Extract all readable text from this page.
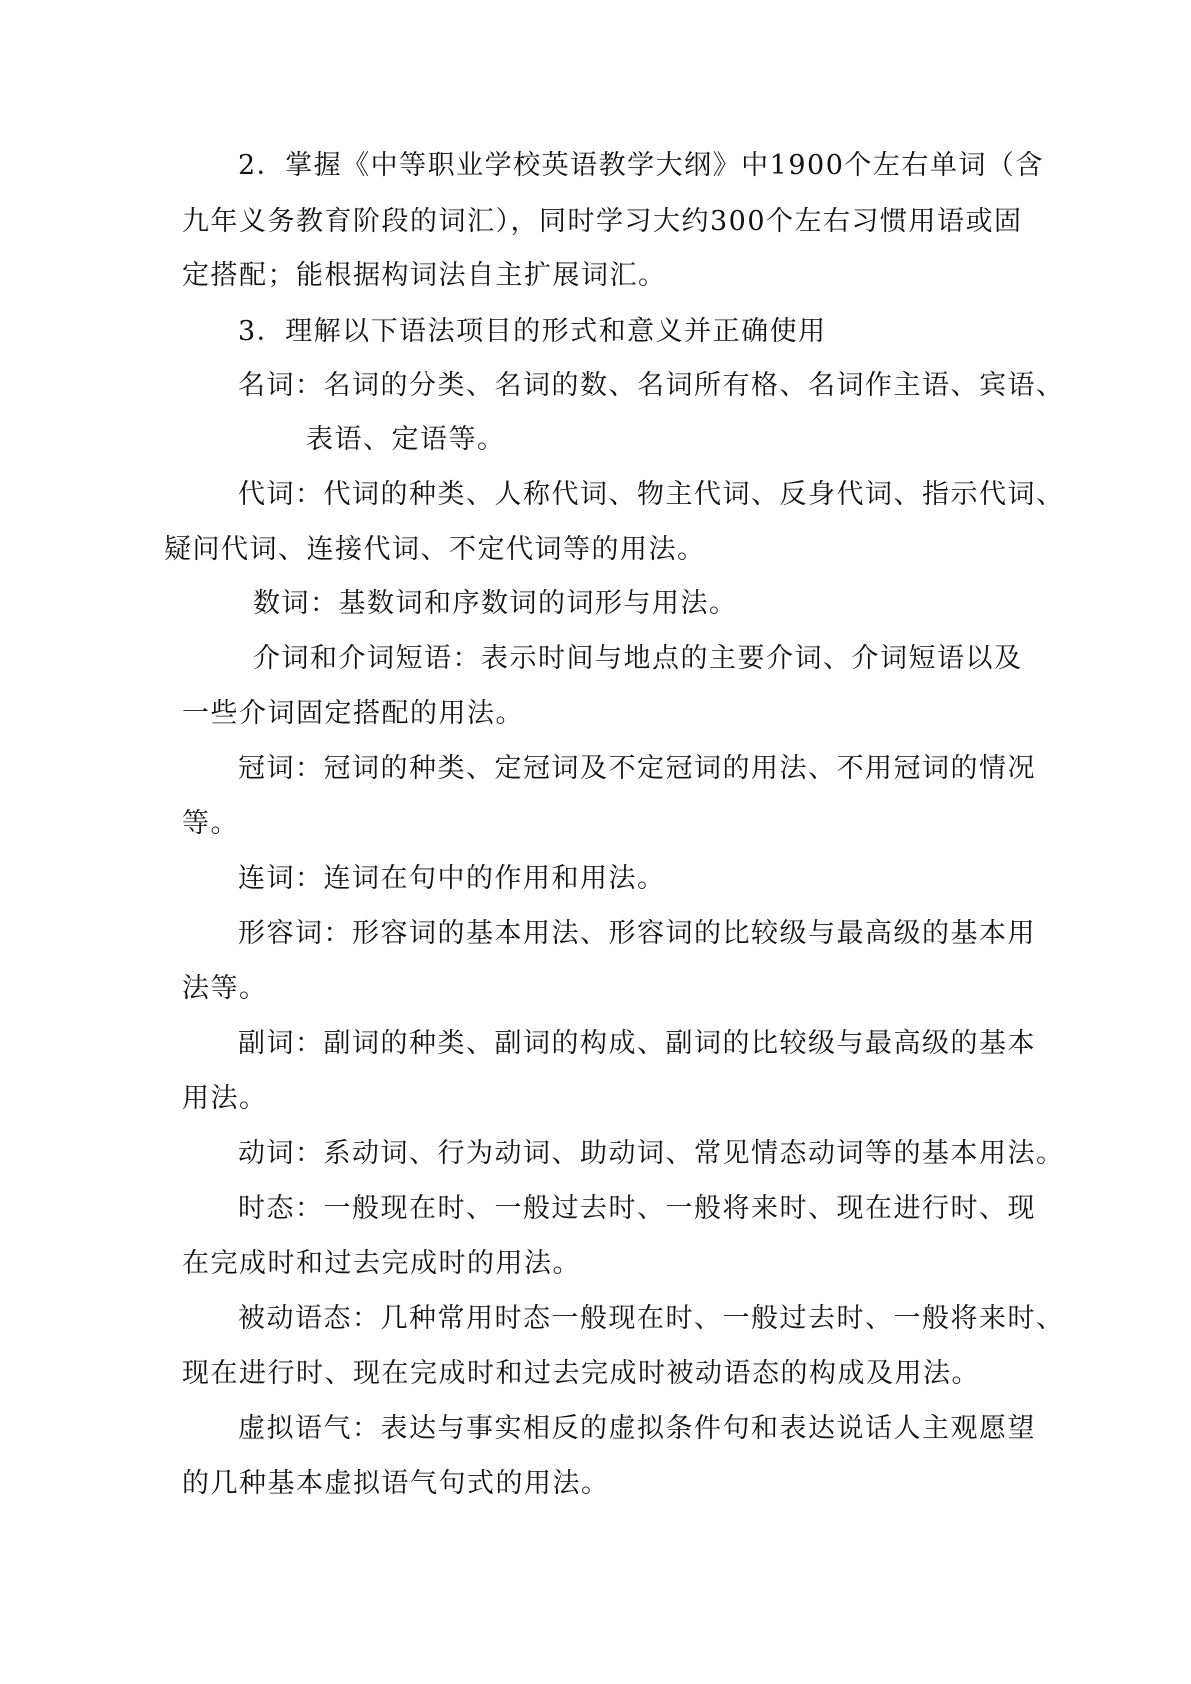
2．掌握《中等职业学校英语教学大纲》中1900个左右单词（含
九年义务教育阶段的词汇），同时学习大约300个左右习惯用语或固
定搭配；能根据构词法自主扩展词汇。
3．理解以下语法项目的形式和意义并正确使用
名词：名词的分类、名词的数、名词所有格、名词作主语、宾语、
表语、定语等。
代词：代词的种类、人称代词、物主代词、反身代词、指示代词、
疑问代词、连接代词、不定代词等的用法。
数词：基数词和序数词的词形与用法。
介词和介词短语：表示时间与地点的主要介词、介词短语以及
一些介词固定搭配的用法。
冠词：冠词的种类、定冠词及不定冠词的用法、不用冠词的情况
等。
连词：连词在句中的作用和用法。
形容词：形容词的基本用法、形容词的比较级与最高级的基本用
法等。
副词：副词的种类、副词的构成、副词的比较级与最高级的基本
用法。
动词：系动词、行为动词、助动词、常见情态动词等的基本用法。
时态：一般现在时、一般过去时、一般将来时、现在进行时、现
在完成时和过去完成时的用法。
被动语态：几种常用时态一般现在时、一般过去时、一般将来时、
现在进行时、现在完成时和过去完成时被动语态的构成及用法。
虚拟语气：表达与事实相反的虚拟条件句和表达说话人主观愿望
的几种基本虚拟语气句式的用法。
